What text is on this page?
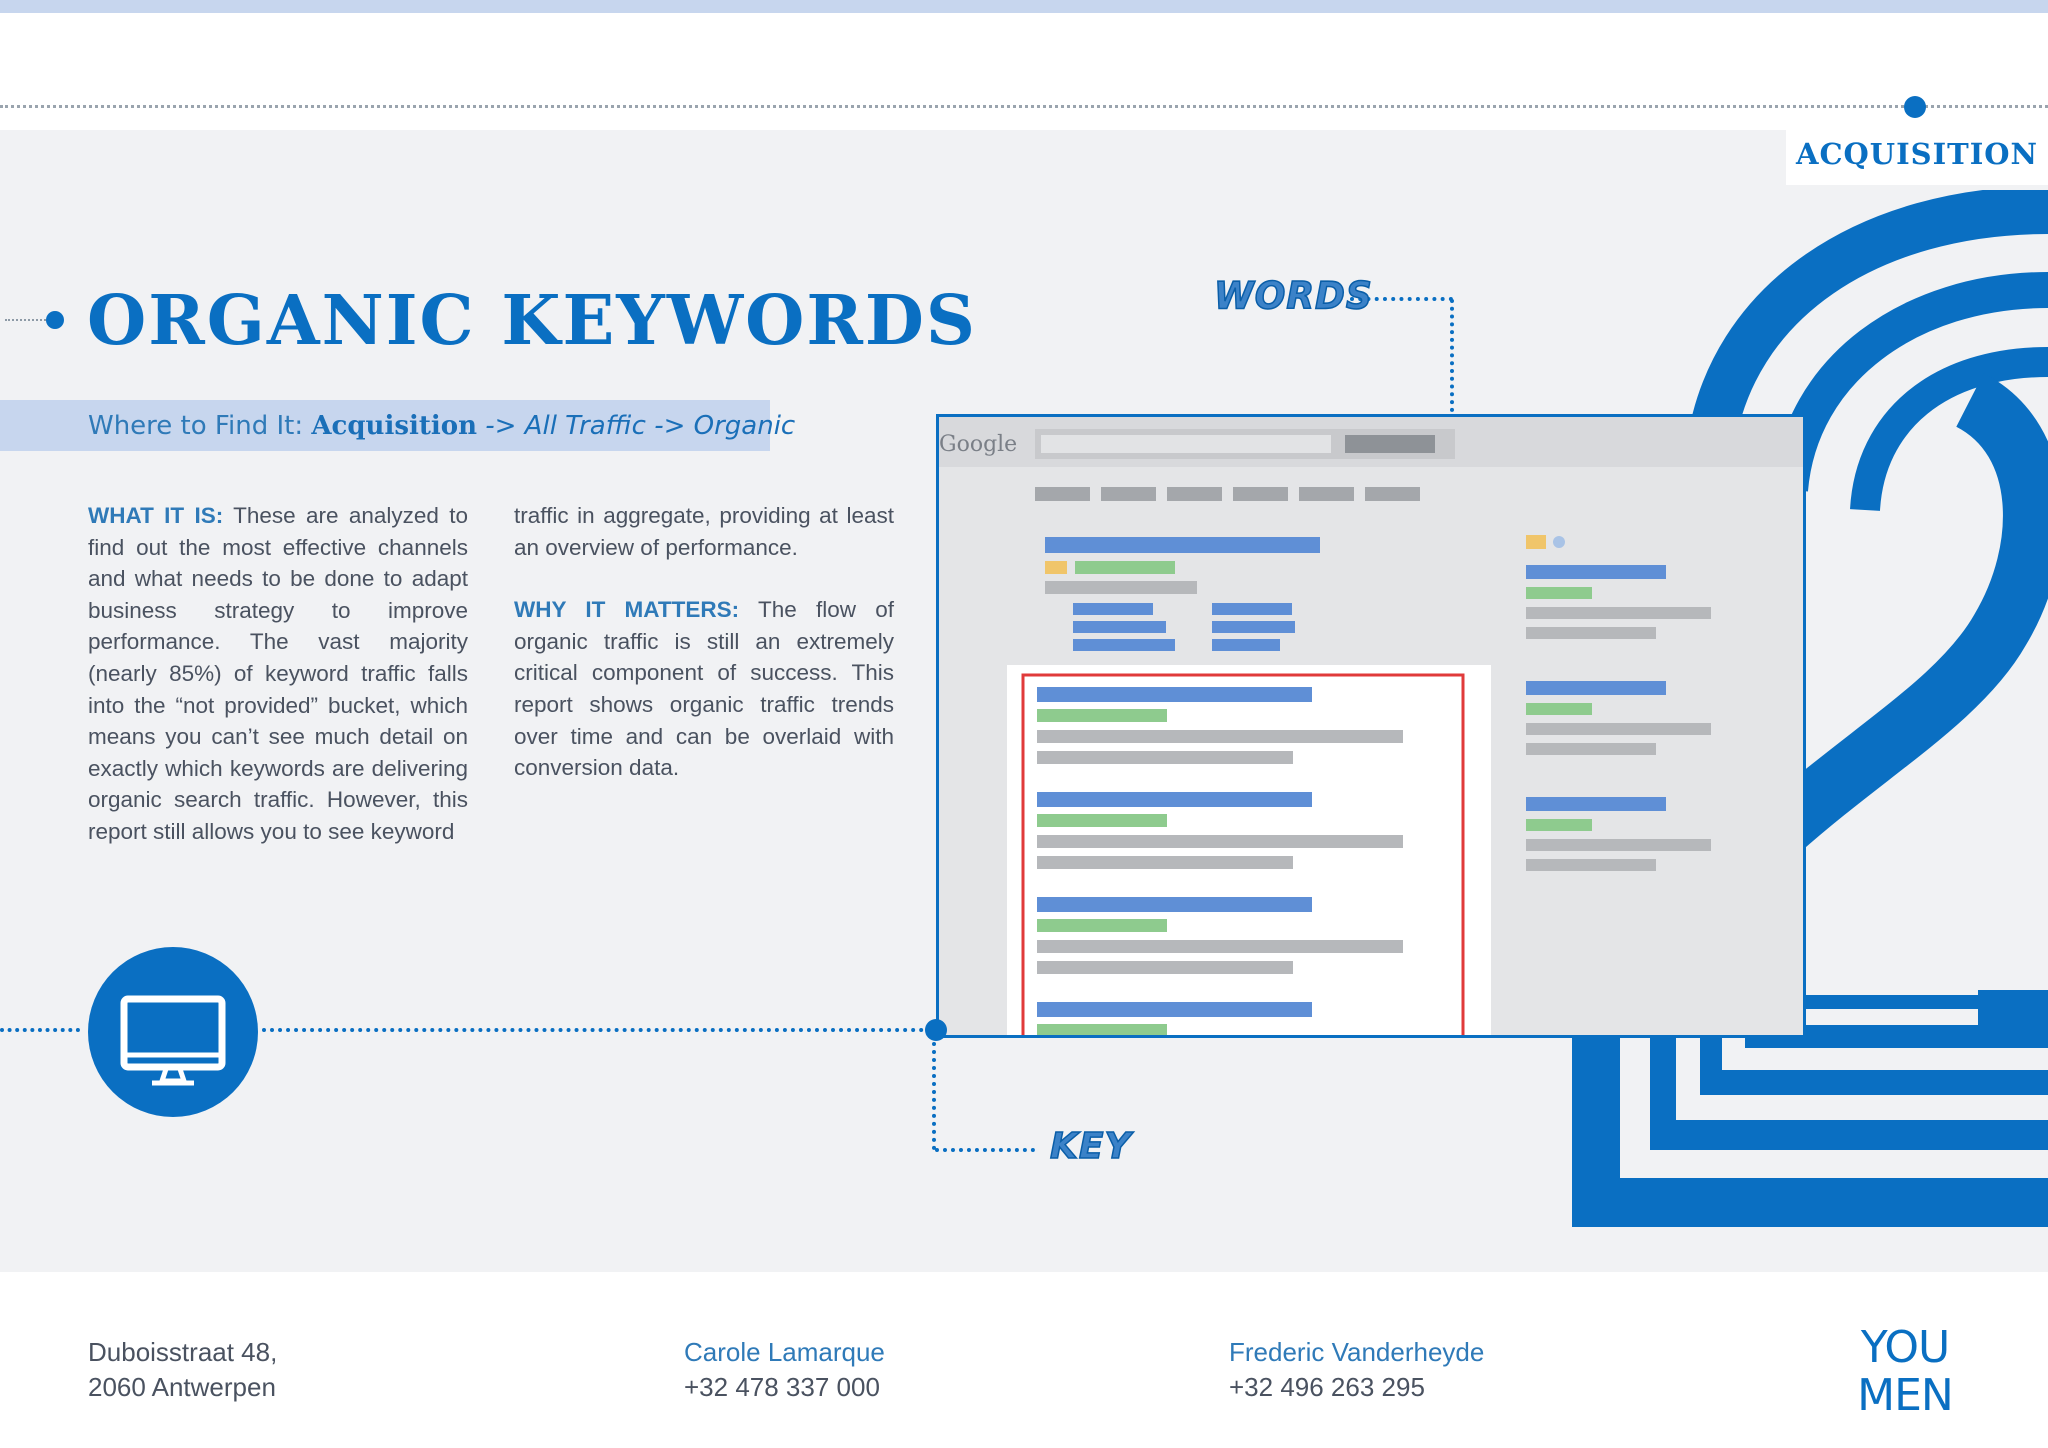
ACQUISITION
ORGANIC KEYWORDS
Where to Find It: Acquisition -> All Traffic -> Organic

WHAT IT IS: These are analyzed to find out the most effective channels and what needs to be done to adapt business strategy to improve performance. The vast majority (nearly 85%) of keyword traffic falls into the “not provided” bucket, which means you can’t see much detail on exactly which keywords are delivering organic search traffic. However, this report still allows you to see keyword

traffic in aggregate, providing at least an overview of performance.

WHY IT MATTERS: The flow of organic traffic is still an extremely critical component of success. This report shows organic traffic trends over time and can be overlaid with conversion data.

Google
WORDS
KEY
Duboisstraat 48,
2060 Antwerpen
Carole Lamarque
+32 478 337 000
Frederic Vanderheyde
+32 496 263 295
YOU
MEN
